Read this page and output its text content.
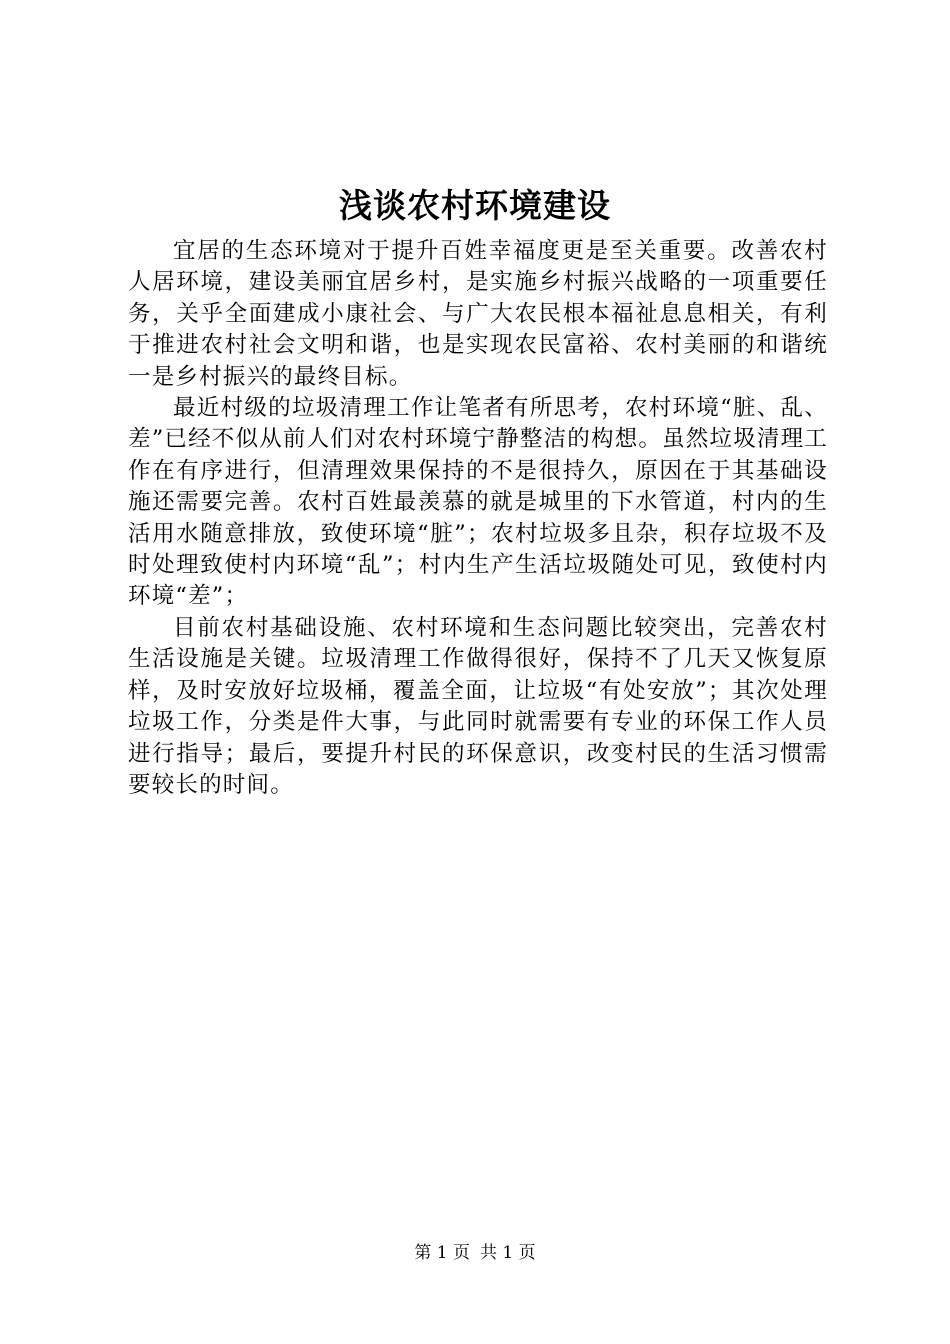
浅谈农村环境建设

宜居的生态环境对于提升百姓幸福度更是至关重要。改善农村人居环境，建设美丽宜居乡村，是实施乡村振兴战略的一项重要任务，关乎全面建成小康社会、与广大农民根本福祉息息相关，有利于推进农村社会文明和谐，也是实现农民富裕、农村美丽的和谐统一是乡村振兴的最终目标。

最近村级的垃圾清理工作让笔者有所思考，农村环境“脏、乱、差”已经不似从前人们对农村环境宁静整洁的构想。虽然垃圾清理工作在有序进行，但清理效果保持的不是很持久，原因在于其基础设施还需要完善。农村百姓最羡慕的就是城里的下水管道，村内的生活用水随意排放，致使环境“脏”；农村垃圾多且杂，积存垃圾不及时处理致使村内环境“乱”；村内生产生活垃圾随处可见，致使村内环境“差”；

目前农村基础设施、农村环境和生态问题比较突出，完善农村生活设施是关键。垃圾清理工作做得很好，保持不了几天又恢复原样，及时安放好垃圾桶，覆盖全面，让垃圾“有处安放”；其次处理垃圾工作，分类是件大事，与此同时就需要有专业的环保工作人员进行指导；最后，要提升村民的环保意识，改变村民的生活习惯需要较长的时间。

第 1 页 共 1 页
